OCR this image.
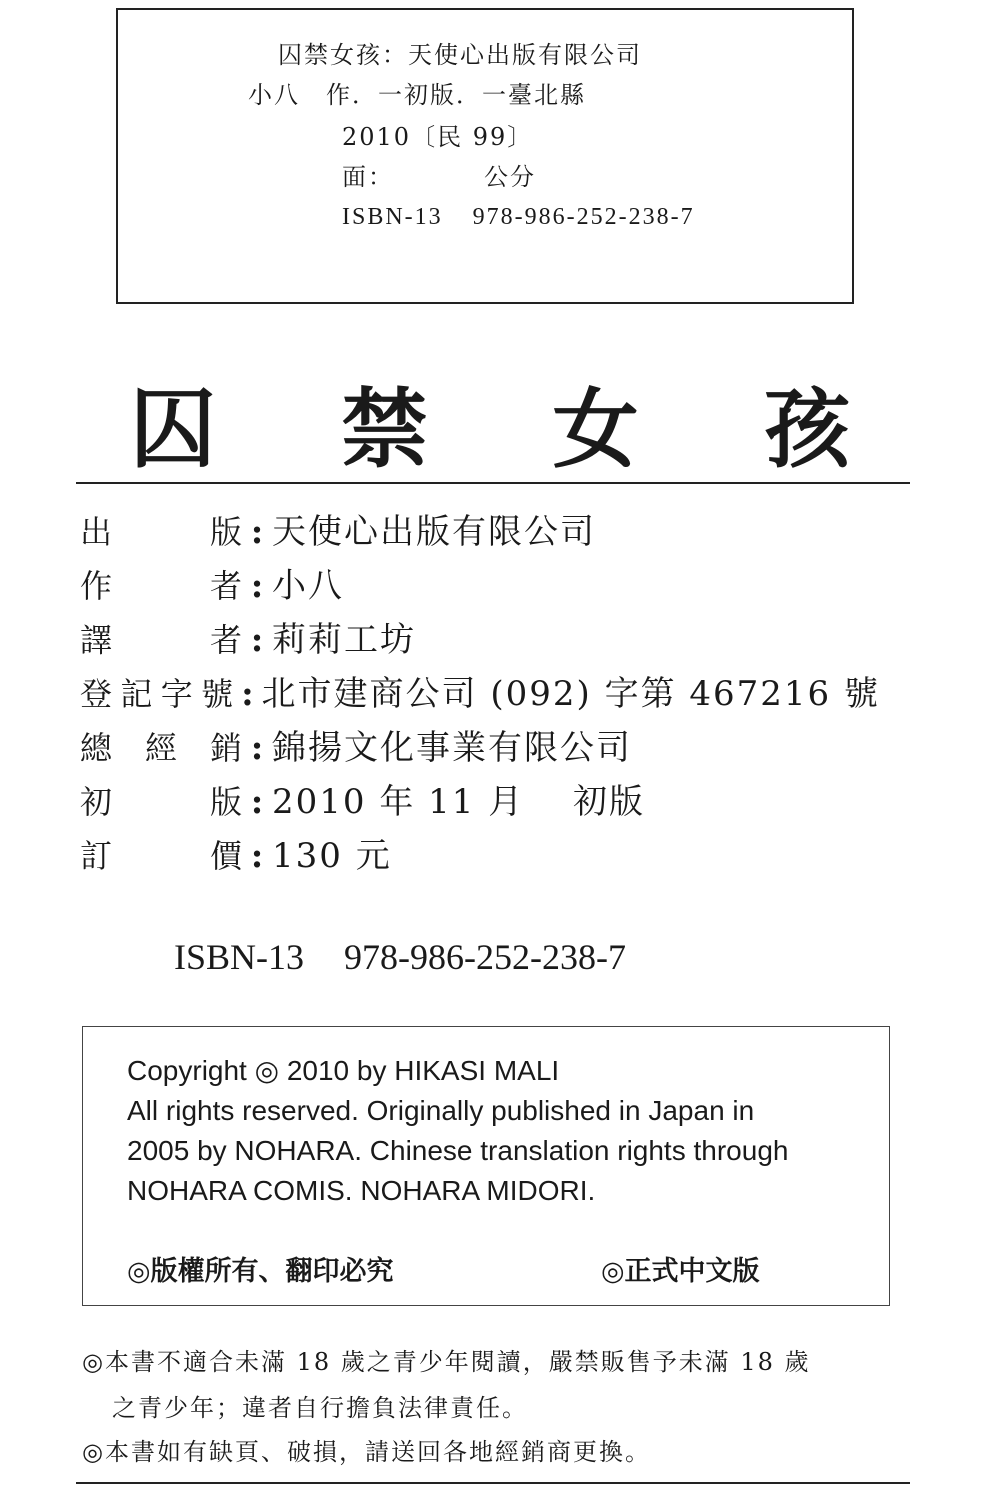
囚禁女孩：天使心出版有限公司
小八　作．一初版．一臺北縣
2010〔民 99〕
面：	公分
ISBN-13 978-986-252-238-7
囚 禁 女 孩
出	版 : 天使心出版有限公司
作	者 : 小八
譯	者 : 莉莉工坊
登 記 字 號 : 北市建商公司 (092) 字第 467216 號
總 經 銷 : 錦揚文化事業有限公司
初	版 : 2010 年 11 月　 初版
訂	價 : 130 元
ISBN-13 978-986-252-238-7
Copyright ◎ 2010 by HIKASI MALI
All rights reserved. Originally published in Japan in
2005 by NOHARA. Chinese translation rights through
NOHARA COMIS. NOHARA MIDORI.
◎版權所有、翻印必究	◎正式中文版
◎本書不適合未滿 18 歲之青少年閱讀，嚴禁販售予未滿 18 歲
之青少年；違者自行擔負法律責任。
◎本書如有缺頁、破損，請送回各地經銷商更換。
